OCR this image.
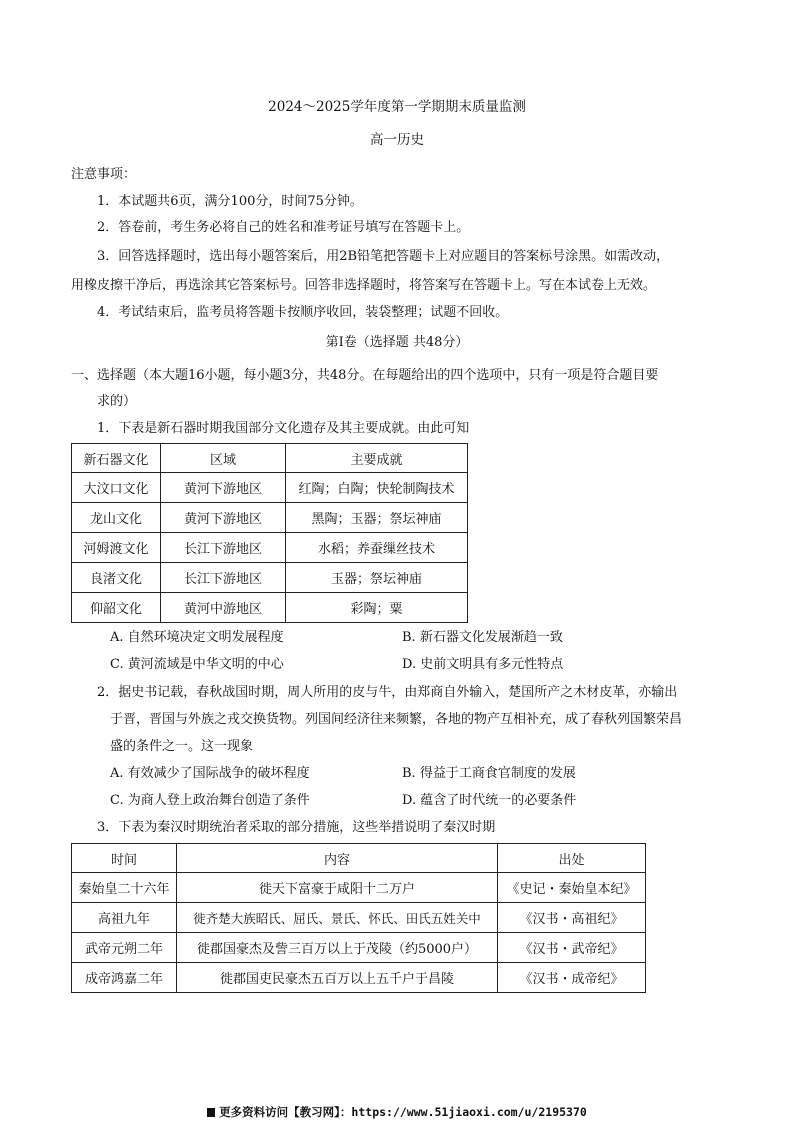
2024～2025学年度第一学期期末质量监测
高一历史
注意事项：
1．本试题共6页，满分100分，时间75分钟。
2．答卷前，考生务必将自己的姓名和准考证号填写在答题卡上。
3．回答选择题时，选出每小题答案后，用2B铅笔把答题卡上对应题目的答案标号涂黑。如需改动，
用橡皮擦干净后，再选涂其它答案标号。回答非选择题时，将答案写在答题卡上。写在本试卷上无效。
4．考试结束后，监考员将答题卡按顺序收回，装袋整理；试题不回收。
第Ⅰ卷（选择题 共48分）
一、选择题（本大题16小题，每小题3分，共48分。在每题给出的四个选项中，只有一项是符合题目要
求的）
1．下表是新石器时期我国部分文化遗存及其主要成就。由此可知
新石器文化	区域	主要成就
大汶口文化	黄河下游地区	红陶；白陶；快轮制陶技术
龙山文化	黄河下游地区	黑陶；玉器；祭坛神庙
河姆渡文化	长江下游地区	水稻；养蚕缫丝技术
良渚文化	长江下游地区	玉器；祭坛神庙
仰韶文化	黄河中游地区	彩陶；粟
A. 自然环境决定文明发展程度	B. 新石器文化发展渐趋一致
C. 黄河流域是中华文明的中心	D. 史前文明具有多元性特点
2．据史书记载，春秋战国时期，周人所用的皮与牛，由郑商自外输入，楚国所产之木材皮革，亦输出
于晋，晋国与外族之戎交换货物。列国间经济往来频繁，各地的物产互相补充，成了春秋列国繁荣昌
盛的条件之一。这一现象
A. 有效减少了国际战争的破坏程度	B. 得益于工商食官制度的发展
C. 为商人登上政治舞台创造了条件	D. 蕴含了时代统一的必要条件
3．下表为秦汉时期统治者采取的部分措施，这些举措说明了秦汉时期
时间	内容	出处
秦始皇二十六年	徙天下富豪于咸阳十二万户	《史记・秦始皇本纪》
高祖九年	徙齐楚大族昭氏、屈氏、景氏、怀氏、田氏五姓关中	《汉书・高祖纪》
武帝元朔二年	徙郡国豪杰及訾三百万以上于茂陵（约5000户）	《汉书・武帝纪》
成帝鸿嘉二年	徙郡国吏民豪杰五百万以上五千户于昌陵	《汉书・成帝纪》
更多资料访问【教习网】：https://www.51jiaoxi.com/u/2195370
